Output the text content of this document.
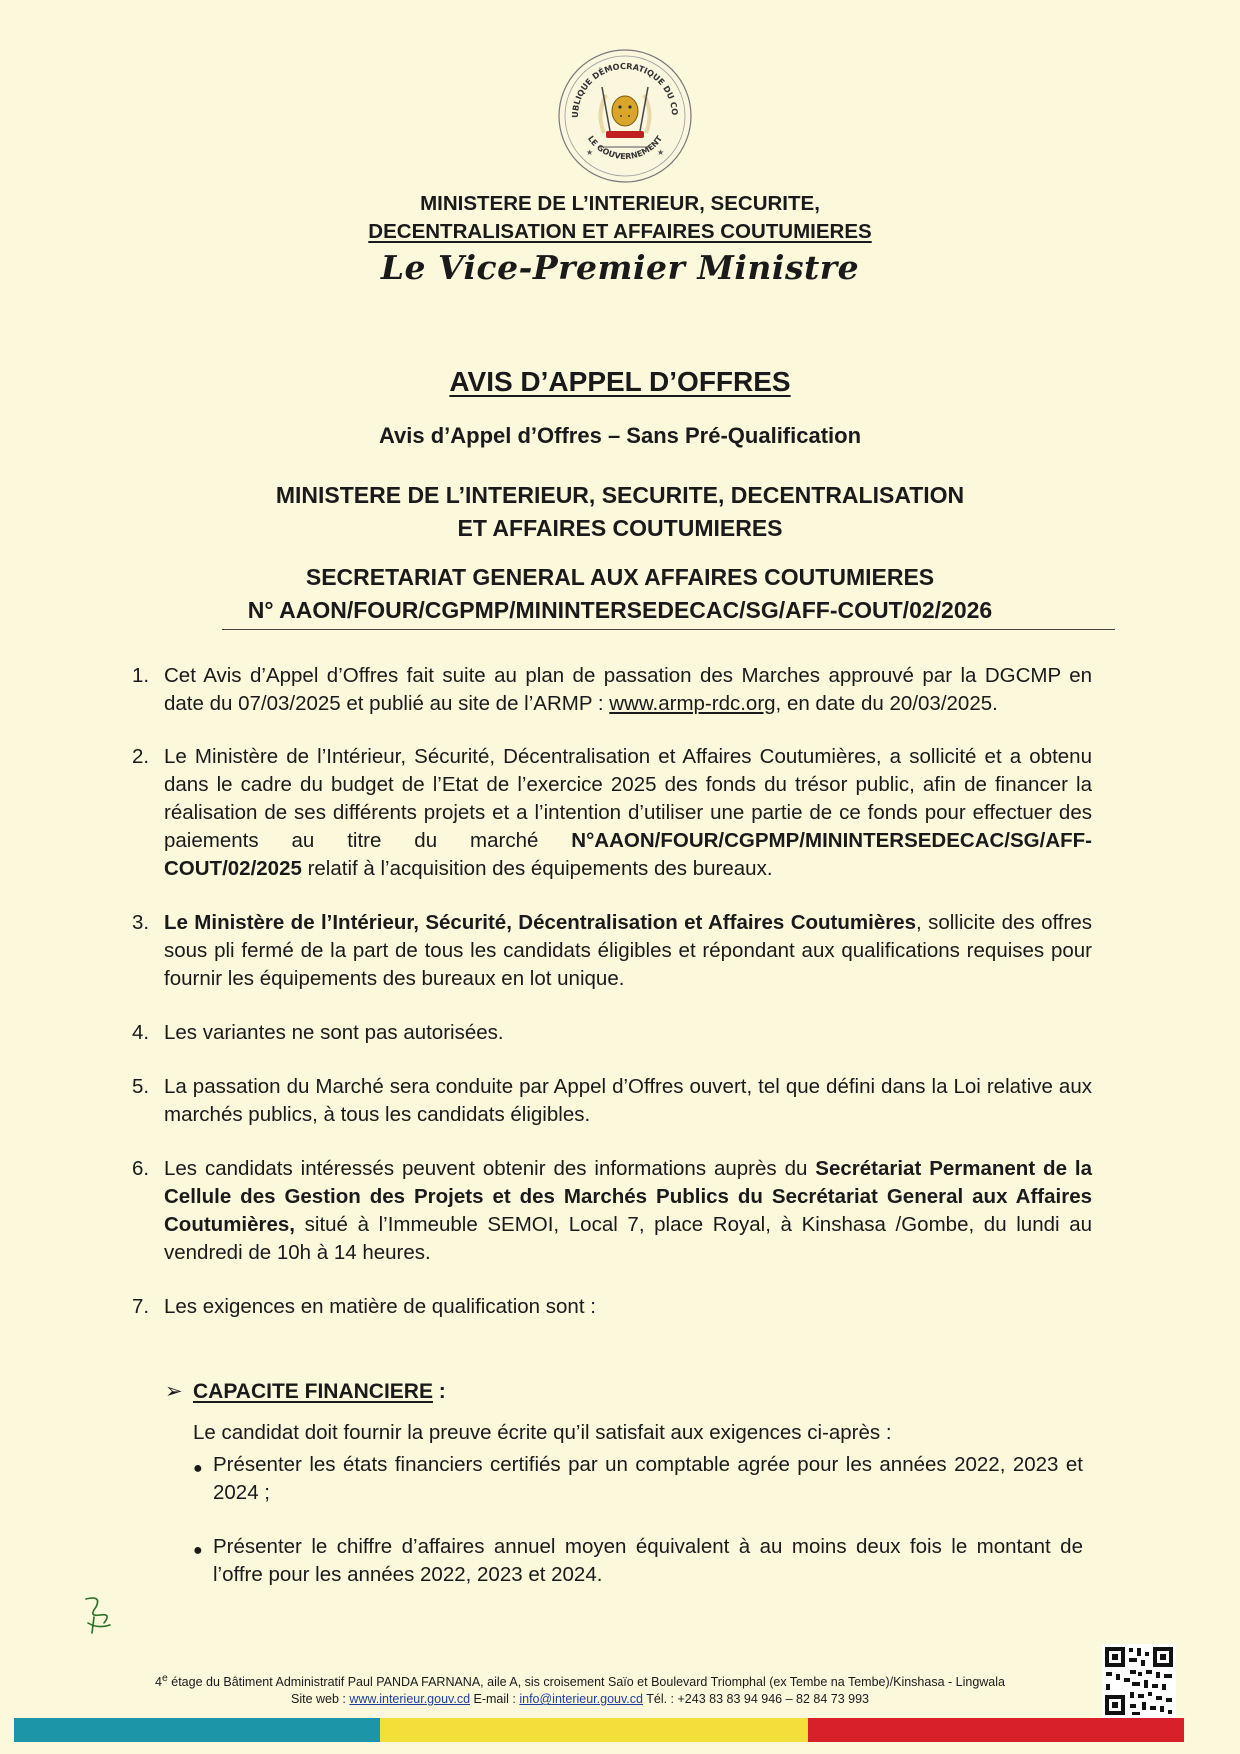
UBLIQUE DÉMOCRATIQUE DU CO
LE GOUVERNEMENT
★	★
MINISTERE DE L’INTERIEUR, SECURITE,
DECENTRALISATION ET AFFAIRES COUTUMIERES
Le Vice-Premier Ministre
AVIS D’APPEL D’OFFRES
Avis d’Appel d’Offres – Sans Pré-Qualification
MINISTERE DE L’INTERIEUR, SECURITE, DECENTRALISATION
ET AFFAIRES COUTUMIERES
SECRETARIAT GENERAL AUX AFFAIRES COUTUMIERES
N° AAON/FOUR/CGPMP/MININTERSEDECAC/SG/AFF-COUT/02/2026
1. Cet Avis d’Appel d’Offres fait suite au plan de passation des Marches approuvé par la DGCMP en date du 07/03/2025 et publié au site de l’ARMP : www.armp-rdc.org, en date du 20/03/2025.
2. Le Ministère de l’Intérieur, Sécurité, Décentralisation et Affaires Coutumières, a sollicité et a obtenu dans le cadre du budget de l’Etat de l’exercice 2025 des fonds du trésor public, afin de financer la réalisation de ses différents projets et a l’intention d’utiliser une partie de ce fonds pour effectuer des paiements au titre du marché N°AAON/FOUR/CGPMP/MININTERSEDECAC/SG/AFF-COUT/02/2025 relatif à l’acquisition des équipements des bureaux.
3. Le Ministère de l’Intérieur, Sécurité, Décentralisation et Affaires Coutumières, sollicite des offres sous pli fermé de la part de tous les candidats éligibles et répondant aux qualifications requises pour fournir les équipements des bureaux en lot unique.
4. Les variantes ne sont pas autorisées.
5. La passation du Marché sera conduite par Appel d’Offres ouvert, tel que défini dans la Loi relative aux marchés publics, à tous les candidats éligibles.
6. Les candidats intéressés peuvent obtenir des informations auprès du Secrétariat Permanent de la Cellule des Gestion des Projets et des Marchés Publics du Secrétariat General aux Affaires Coutumières, situé à l’Immeuble SEMOI, Local 7, place Royal, à Kinshasa /Gombe, du lundi au vendredi de 10h à 14 heures.
7. Les exigences en matière de qualification sont :
➢ CAPACITE FINANCIERE :
Le candidat doit fournir la preuve écrite qu’il satisfait aux exigences ci-après :
● Présenter les états financiers certifiés par un comptable agrée pour les années 2022, 2023 et 2024 ;
● Présenter le chiffre d’affaires annuel moyen équivalent à au moins deux fois le montant de l’offre pour les années 2022, 2023 et 2024.
4e étage du Bâtiment Administratif Paul PANDA FARNANA, aile A, sis croisement Saïo et Boulevard Triomphal (ex Tembe na Tembe)/Kinshasa - Lingwala
Site web : www.interieur.gouv.cd E-mail : info@interieur.gouv.cd Tél. : +243 83 83 94 946 – 82 84 73 993
